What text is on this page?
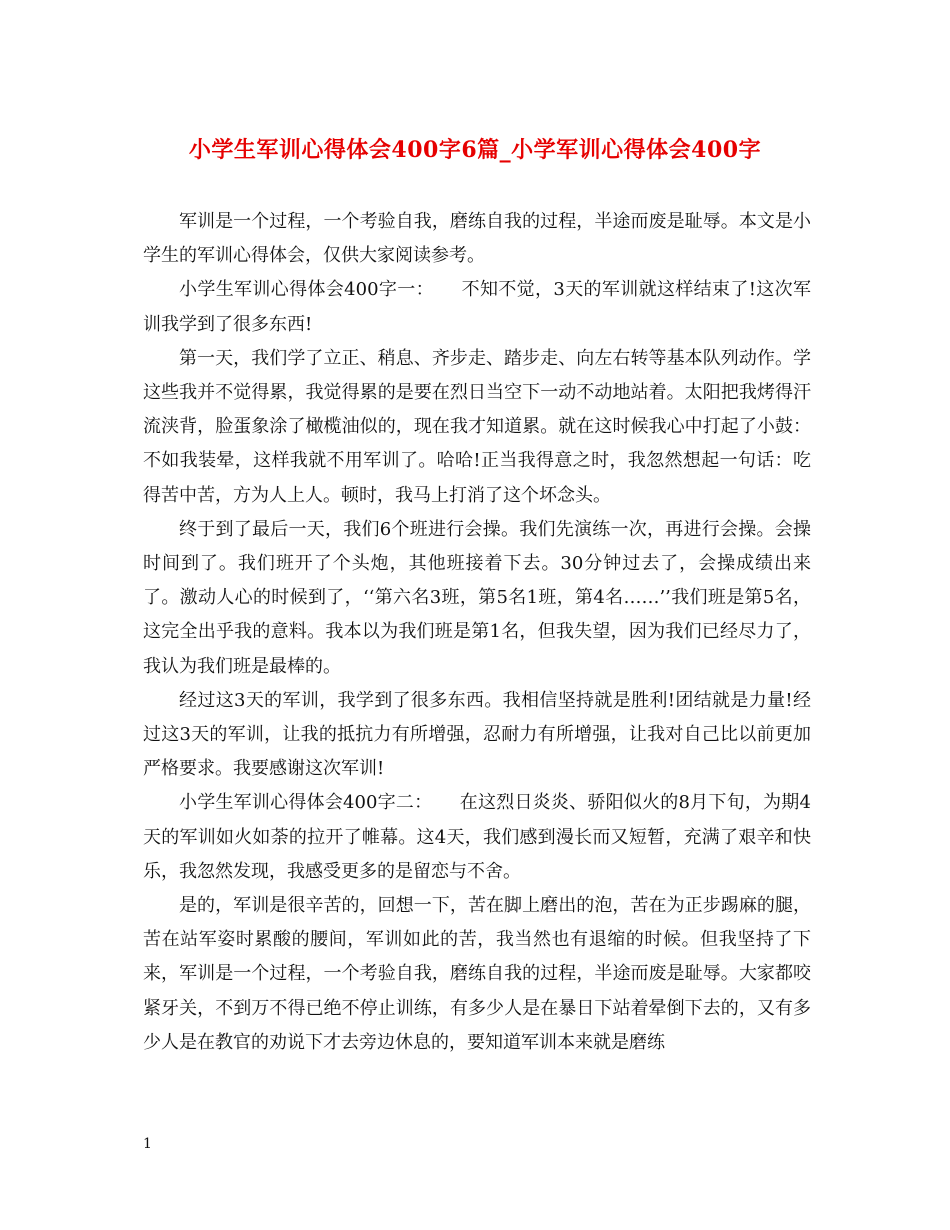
小学生军训心得体会400字6篇_小学军训心得体会400字

军训是一个过程，一个考验自我，磨练自我的过程，半途而废是耻辱。本文是小学生的军训心得体会，仅供大家阅读参考。

小学生军训心得体会400字一：　　不知不觉，3天的军训就这样结束了!这次军训我学到了很多东西!

第一天，我们学了立正、稍息、齐步走、踏步走、向左右转等基本队列动作。学这些我并不觉得累，我觉得累的是要在烈日当空下一动不动地站着。太阳把我烤得汗流浃背，脸蛋象涂了橄榄油似的，现在我才知道累。就在这时候我心中打起了小鼓：不如我装晕，这样我就不用军训了。哈哈!正当我得意之时，我忽然想起一句话：吃得苦中苦，方为人上人。顿时，我马上打消了这个坏念头。

终于到了最后一天，我们6个班进行会操。我们先演练一次，再进行会操。会操时间到了。我们班开了个头炮，其他班接着下去。30分钟过去了，会操成绩出来了。激动人心的时候到了，‘‘第六名3班，第5名1班，第4名……’’我们班是第5名，这完全出乎我的意料。我本以为我们班是第1名，但我失望，因为我们已经尽力了，我认为我们班是最棒的。

经过这3天的军训，我学到了很多东西。我相信坚持就是胜利!团结就是力量!经过这3天的军训，让我的抵抗力有所增强，忍耐力有所增强，让我对自己比以前更加严格要求。我要感谢这次军训!

小学生军训心得体会400字二：　　在这烈日炎炎、骄阳似火的8月下旬，为期4天的军训如火如荼的拉开了帷幕。这4天，我们感到漫长而又短暂，充满了艰辛和快乐，我忽然发现，我感受更多的是留恋与不舍。

是的，军训是很辛苦的，回想一下，苦在脚上磨出的泡，苦在为正步踢麻的腿，苦在站军姿时累酸的腰间，军训如此的苦，我当然也有退缩的时候。但我坚持了下来，军训是一个过程，一个考验自我，磨练自我的过程，半途而废是耻辱。大家都咬紧牙关，不到万不得已绝不停止训练，有多少人是在暴日下站着晕倒下去的，又有多少人是在教官的劝说下才去旁边休息的，要知道军训本来就是磨练

1
